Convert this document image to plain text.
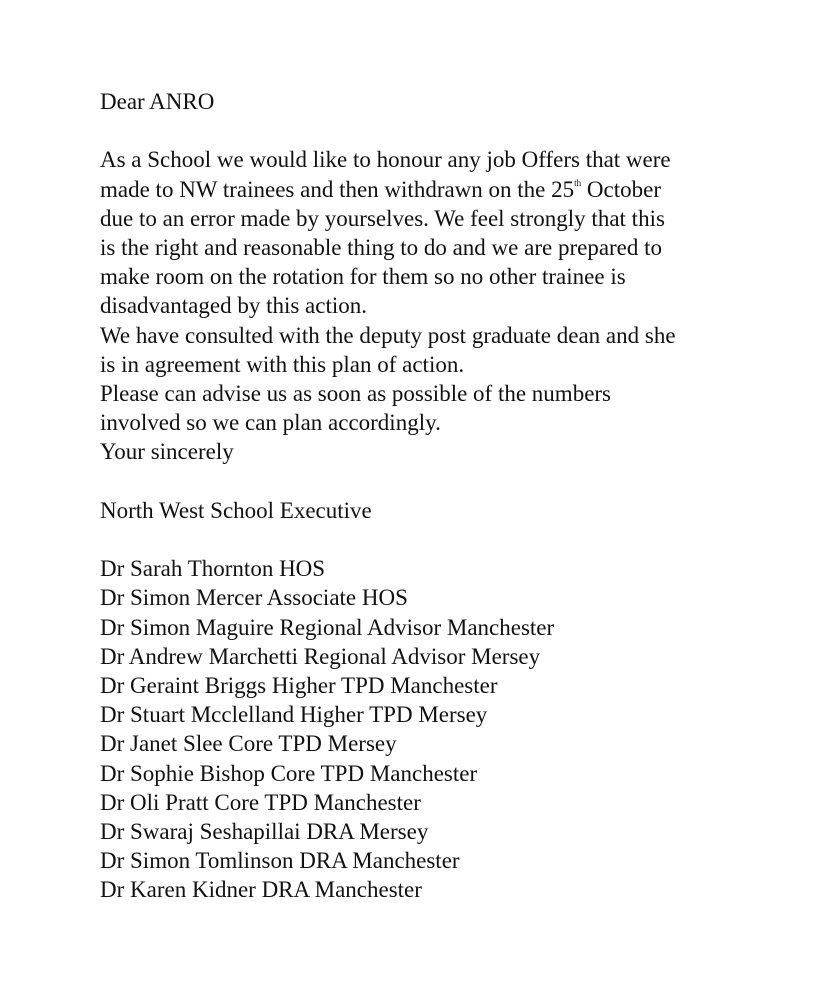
Dear ANRO
As a School we would like to honour any job Offers that were
made to NW trainees and then withdrawn on the 25th October
due to an error made by yourselves. We feel strongly that this
is the right and reasonable thing to do and we are prepared to
make room on the rotation for them so no other trainee is
disadvantaged by this action.
We have consulted with the deputy post graduate dean and she
is in agreement with this plan of action.
Please can advise us as soon as possible of the numbers
involved so we can plan accordingly.
Your sincerely
North West School Executive
Dr Sarah Thornton HOS
Dr Simon Mercer Associate HOS
Dr Simon Maguire Regional Advisor Manchester
Dr Andrew Marchetti Regional Advisor Mersey
Dr Geraint Briggs Higher TPD Manchester
Dr Stuart Mcclelland Higher TPD Mersey
Dr Janet Slee Core TPD Mersey
Dr Sophie Bishop Core TPD Manchester
Dr Oli Pratt Core TPD Manchester
Dr Swaraj Seshapillai DRA Mersey
Dr Simon Tomlinson DRA Manchester
Dr Karen Kidner DRA Manchester
